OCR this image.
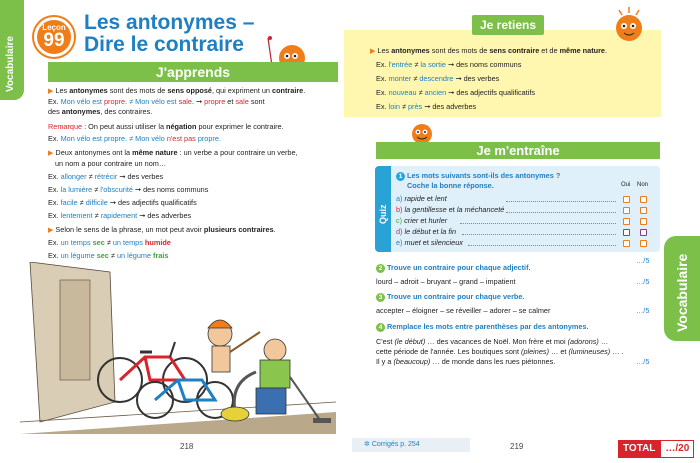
Vocabulaire
Leçon
99
Les antonymes –
Dire le contraire
J'apprends
▶ Les antonymes sont des mots de sens opposé, qui expriment un contraire.
Ex. Mon vélo est propre. ≠ Mon vélo est sale. ➞ propre et sale sont
des antonymes, des contraires.
Remarque : On peut aussi utiliser la négation pour exprimer le contraire.
Ex. Mon vélo est propre. ≠ Mon vélo n'est pas propre.
▶ Deux antonymes ont la même nature : un verbe a pour contraire un verbe,
un nom a pour contraire un nom…
Ex. allonger ≠ rétrécir ➞ des verbes
Ex. la lumière ≠ l'obscurité ➞ des noms communs
Ex. facile ≠ difficile ➞ des adjectifs qualificatifs
Ex. lentement ≠ rapidement ➞ des adverbes
▶ Selon le sens de la phrase, un mot peut avoir plusieurs contraires.
Ex. un temps sec ≠ un temps humide
Ex. un légume sec ≠ un légume frais
218
Je retiens
▶ Les antonymes sont des mots de sens contraire et de même nature.
Ex. l'entrée ≠ la sortie ➞ des noms communs
Ex. monter ≠ descendre ➞ des verbes
Ex. nouveau ≠ ancien ➞ des adjectifs qualificatifs
Ex. loin ≠ près ➞ des adverbes
Je m'entraîne
Quiz
1 Les mots suivants sont-ils des antonymes ?
Coche la bonne réponse.	Oui Non
a) rapide et lent
b) la gentillesse et la méchanceté
c) crier et hurler
d) le début et la fin
e) muet et silencieux
…/5
2 Trouve un contraire pour chaque adjectif.
lourd – adroit – bruyant – grand – impatient	…/5
3 Trouve un contraire pour chaque verbe.
accepter – éloigner – se réveiller – adorer – se calmer	…/5
4 Remplace les mots entre parenthèses par des antonymes.
C'est (le début) … des vacances de Noël. Mon frère et moi (adorons) …
cette période de l'année. Les boutiques sont (pleines) … et (lumineuses) … .
Il y a (beaucoup) … de monde dans les rues piétonnes.	…/5
Vocabulaire
✲ Corrigés p. 254	219	TOTAL …/20
